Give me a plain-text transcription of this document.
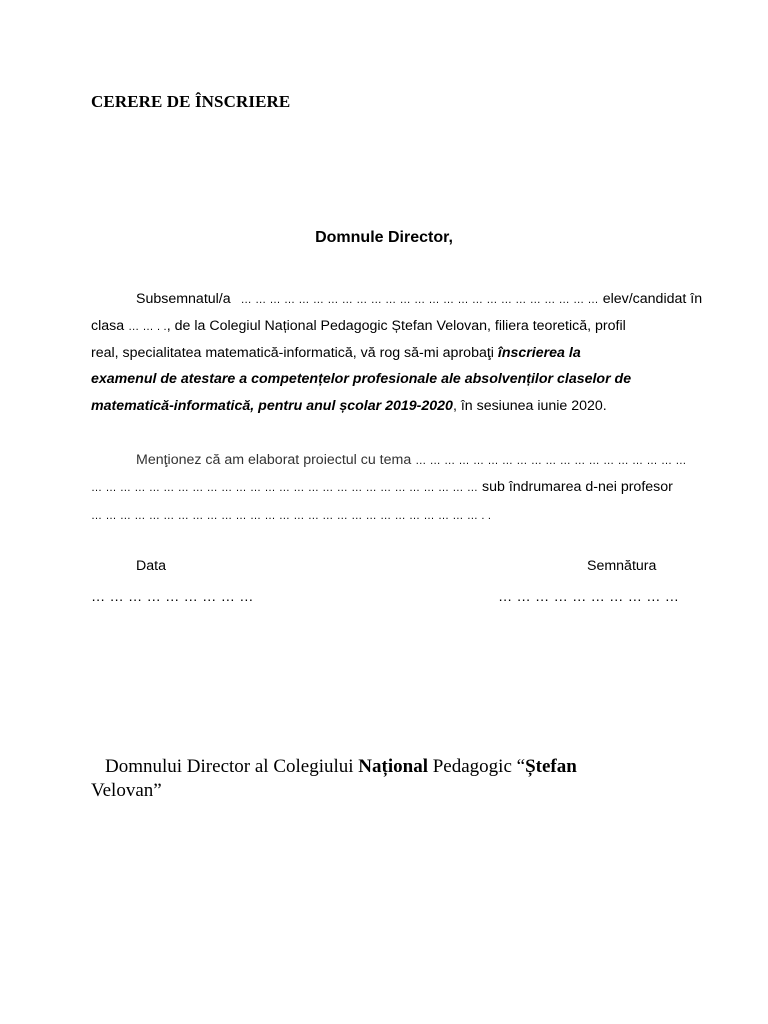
CERERE DE ÎNSCRIERE
Domnule Director,
Subsemnatul/a … … … … … … … … … … … … … … … … … … … … … … … … … elev/candidat în
clasa … … . ., de la Colegiul Național Pedagogic Ștefan Velovan, filiera teoretică, profil
real, specialitatea matematică-informatică, vă rog să-mi aprobaţi înscrierea la
examenul de atestare a competențelor profesionale ale absolvenților claselor de
matematică-informatică, pentru anul școlar 2019-2020, în sesiunea iunie 2020.
Menţionez că am elaborat proiectul cu tema … … … … … … … … … … … … … … … … … … …
… … … … … … … … … … … … … … … … … … … … … … … … … … … sub îndrumarea d-nei profesor
… … … … … … … … … … … … … … … … … … … … … … … … … … … . .
Data
… … … … … … … … …
Semnătura
… … … … … … … … … …
Domnului Director al Colegiului Național Pedagogic “Ștefan
Velovan”
